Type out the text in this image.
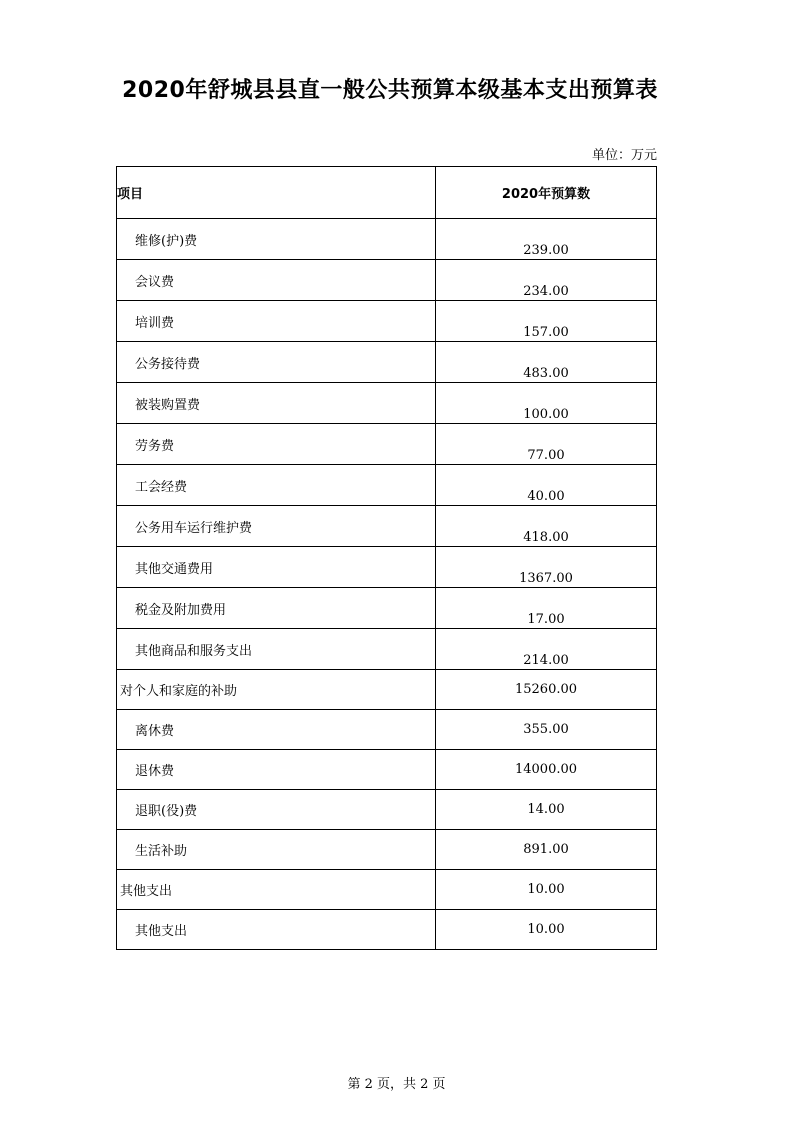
2020年舒城县县直一般公共预算本级基本支出预算表
单位：万元
项目	2020年预算数
维修(护)费	239.00
会议费	234.00
培训费	157.00
公务接待费	483.00
被装购置费	100.00
劳务费	77.00
工会经费	40.00
公务用车运行维护费	418.00
其他交通费用	1367.00
税金及附加费用	17.00
其他商品和服务支出	214.00
对个人和家庭的补助	15260.00
离休费	355.00
退休费	14000.00
退职(役)费	14.00
生活补助	891.00
其他支出	10.00
其他支出	10.00
第 2 页，共 2 页
